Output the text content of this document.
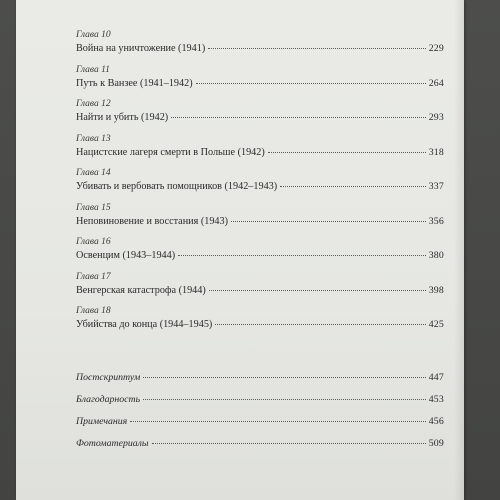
Глава 10
Война на уничтожение (1941)	229
Глава 11
Путь к Ванзее (1941–1942)	264
Глава 12
Найти и убить (1942)	293
Глава 13
Нацистские лагеря смерти в Польше (1942)	318
Глава 14
Убивать и вербовать помощников (1942–1943)	337
Глава 15
Неповиновение и восстания (1943)	356
Глава 16
Освенцим (1943–1944)	380
Глава 17
Венгерская катастрофа (1944)	398
Глава 18
Убийства до конца (1944–1945)	425
Постскриптум	447
Благодарность	453
Примечания	456
Фотоматериалы	509
